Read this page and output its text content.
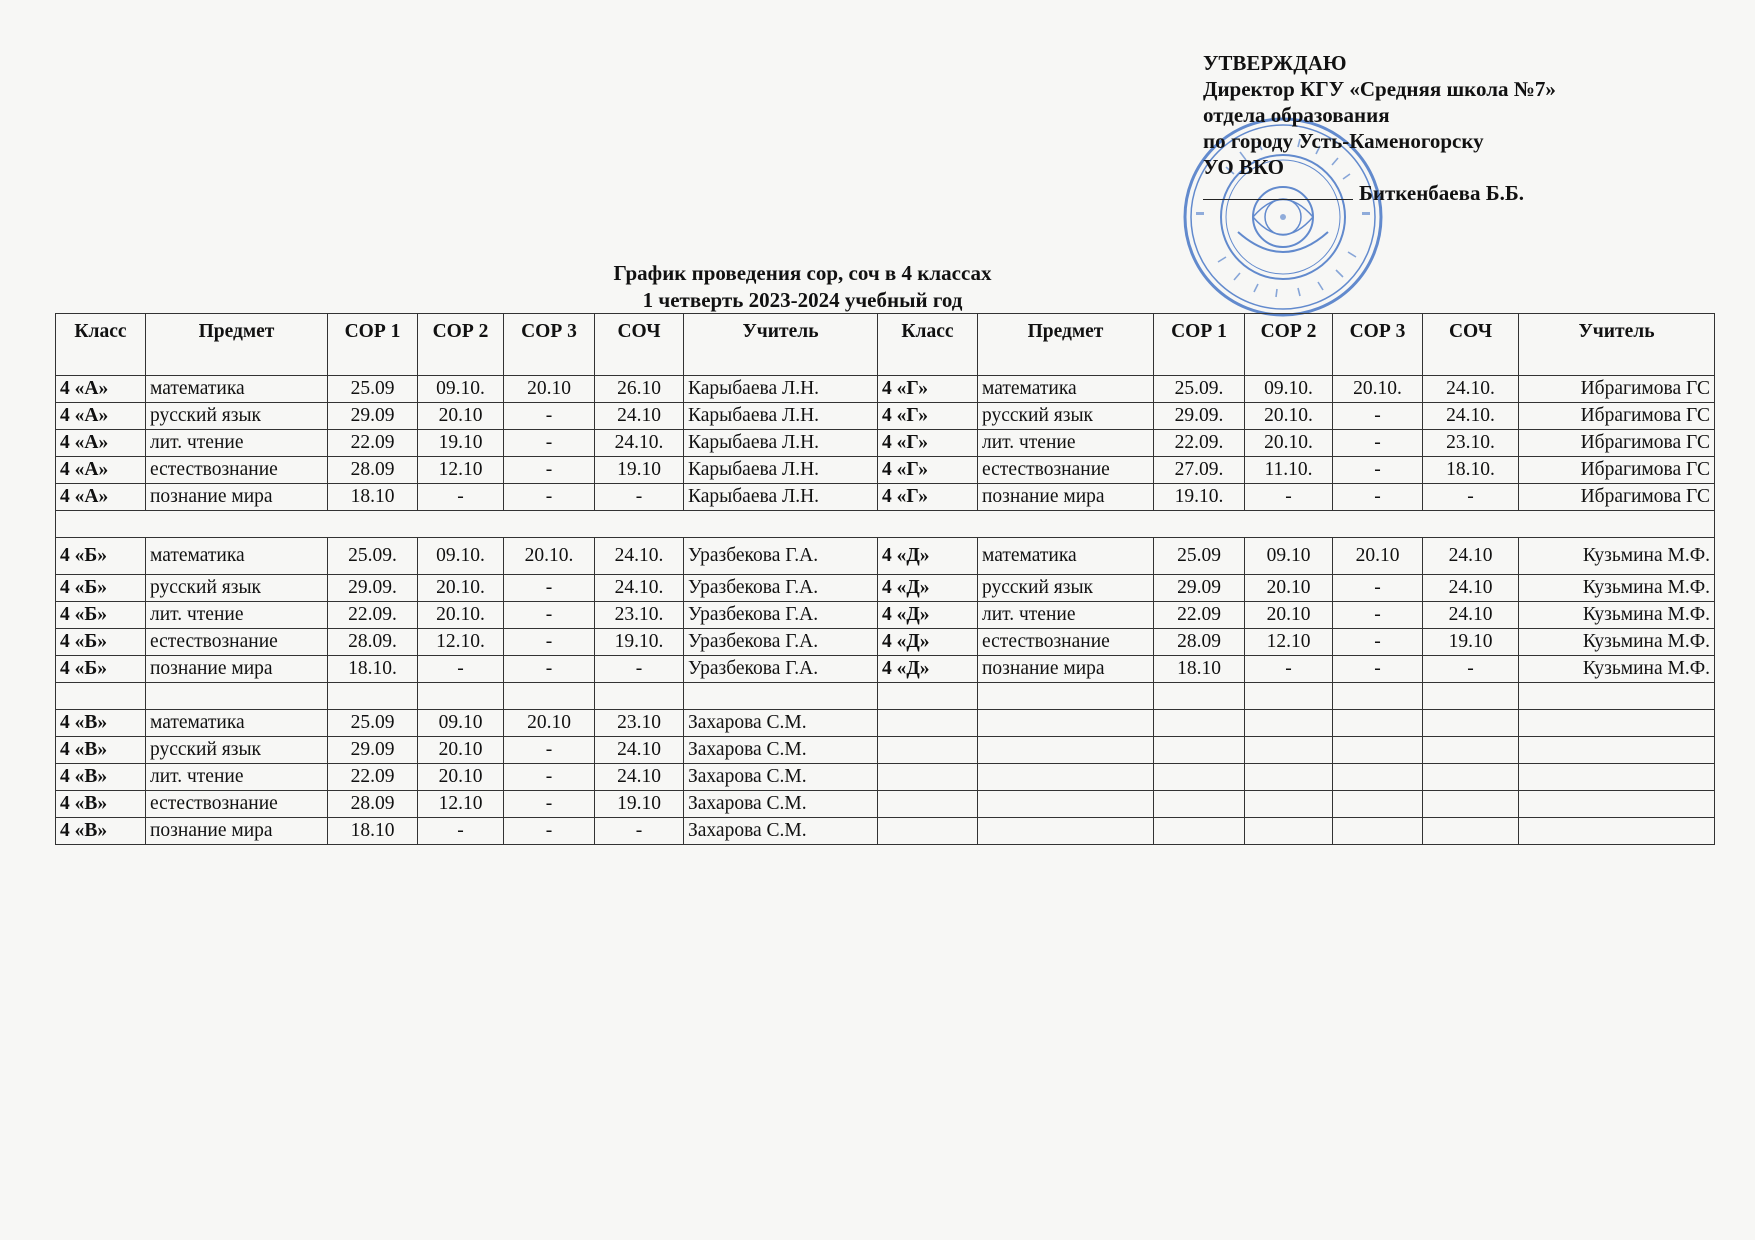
УТВЕРЖДАЮ
Директор КГУ «Средняя школа №7»
отдела образования
по городу Усть-Каменогорску
УО ВКО
Биткенбаева Б.Б.
График проведения сор, соч в 4 классах
1 четверть 2023-2024 учебный год
Класс	Предмет	СОР 1	СОР 2	СОР 3	СОЧ	Учитель	Класс	Предмет	СОР 1	СОР 2	СОР 3	СОЧ	Учитель
4 «А»	математика	25.09	09.10.	20.10	26.10	Карыбаева Л.Н.	4 «Г»	математика	25.09.	09.10.	20.10.	24.10.	Ибрагимова ГС
4 «А»	русский язык	29.09	20.10	-	24.10	Карыбаева Л.Н.	4 «Г»	русский язык	29.09.	20.10.	-	24.10.	Ибрагимова ГС
4 «А»	лит. чтение	22.09	19.10	-	24.10.	Карыбаева Л.Н.	4 «Г»	лит. чтение	22.09.	20.10.	-	23.10.	Ибрагимова ГС
4 «А»	естествознание	28.09	12.10	-	19.10	Карыбаева Л.Н.	4 «Г»	естествознание	27.09.	11.10.	-	18.10.	Ибрагимова ГС
4 «А»	познание мира	18.10	-	-	-	Карыбаева Л.Н.	4 «Г»	познание мира	19.10.	-	-	-	Ибрагимова ГС

4 «Б»	математика	25.09.	09.10.	20.10.	24.10.	Уразбекова Г.А.	4 «Д»	математика	25.09	09.10	20.10	24.10	Кузьмина М.Ф.
4 «Б»	русский язык	29.09.	20.10.	-	24.10.	Уразбекова Г.А.	4 «Д»	русский язык	29.09	20.10	-	24.10	Кузьмина М.Ф.
4 «Б»	лит. чтение	22.09.	20.10.	-	23.10.	Уразбекова Г.А.	4 «Д»	лит. чтение	22.09	20.10	-	24.10	Кузьмина М.Ф.
4 «Б»	естествознание	28.09.	12.10.	-	19.10.	Уразбекова Г.А.	4 «Д»	естествознание	28.09	12.10	-	19.10	Кузьмина М.Ф.
4 «Б»	познание мира	18.10.	-	-	-	Уразбекова Г.А.	4 «Д»	познание мира	18.10	-	-	-	Кузьмина М.Ф.

4 «В»	математика	25.09	09.10	20.10	23.10	Захарова С.М.							
4 «В»	русский язык	29.09	20.10	-	24.10	Захарова С.М.							
4 «В»	лит. чтение	22.09	20.10	-	24.10	Захарова С.М.							
4 «В»	естествознание	28.09	12.10	-	19.10	Захарова С.М.							
4 «В»	познание мира	18.10	-	-	-	Захарова С.М.							
